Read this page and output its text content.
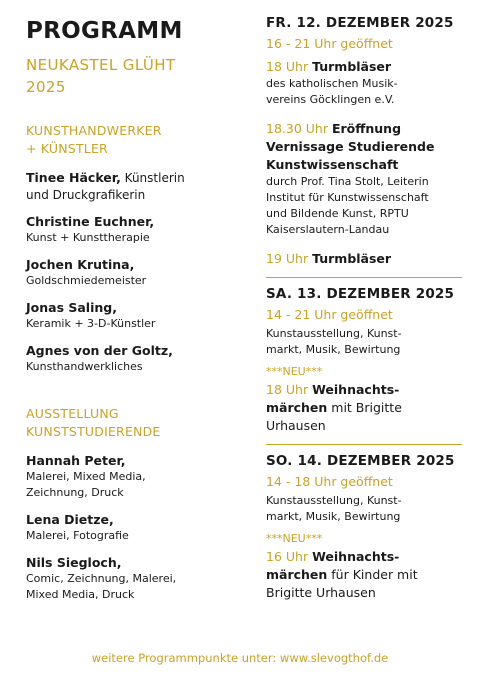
PROGRAMM
NEUKASTEL GLÜHT
2025
KUNSTHANDWERKER
+ KÜNSTLER
Tinee Häcker, Künstlerin
und Druckgrafikerin
Christine Euchner,
Kunst + Kunsttherapie
Jochen Krutina,
Goldschmiedemeister
Jonas Saling,
Keramik + 3-D-Künstler
Agnes von der Goltz,
Kunsthandwerkliches
AUSSTELLUNG
KUNSTSTUDIERENDE
Hannah Peter,
Malerei, Mixed Media,
Zeichnung, Druck
Lena Dietze,
Malerei, Fotografie
Nils Siegloch,
Comic, Zeichnung, Malerei,
Mixed Media, Druck
FR. 12. DEZEMBER 2025
16 - 21 Uhr geöffnet
18 Uhr Turmbläser
des katholischen Musik-
vereins Göcklingen e.V.
18.30 Uhr Eröffnung
Vernissage Studierende
Kunstwissenschaft
durch Prof. Tina Stolt, Leiterin
Institut für Kunstwissenschaft
und Bildende Kunst, RPTU
Kaiserslautern-Landau
19 Uhr Turmbläser
SA. 13. DEZEMBER 2025
14 - 21 Uhr geöffnet
Kunstausstellung, Kunst-
markt, Musik, Bewirtung
***NEU***
18 Uhr Weihnachts-
märchen mit Brigitte
Urhausen
SO. 14. DEZEMBER 2025
14 - 18 Uhr geöffnet
Kunstausstellung, Kunst-
markt, Musik, Bewirtung
***NEU***
16 Uhr Weihnachts-
märchen für Kinder mit
Brigitte Urhausen
weitere Programmpunkte unter: www.slevogthof.de
